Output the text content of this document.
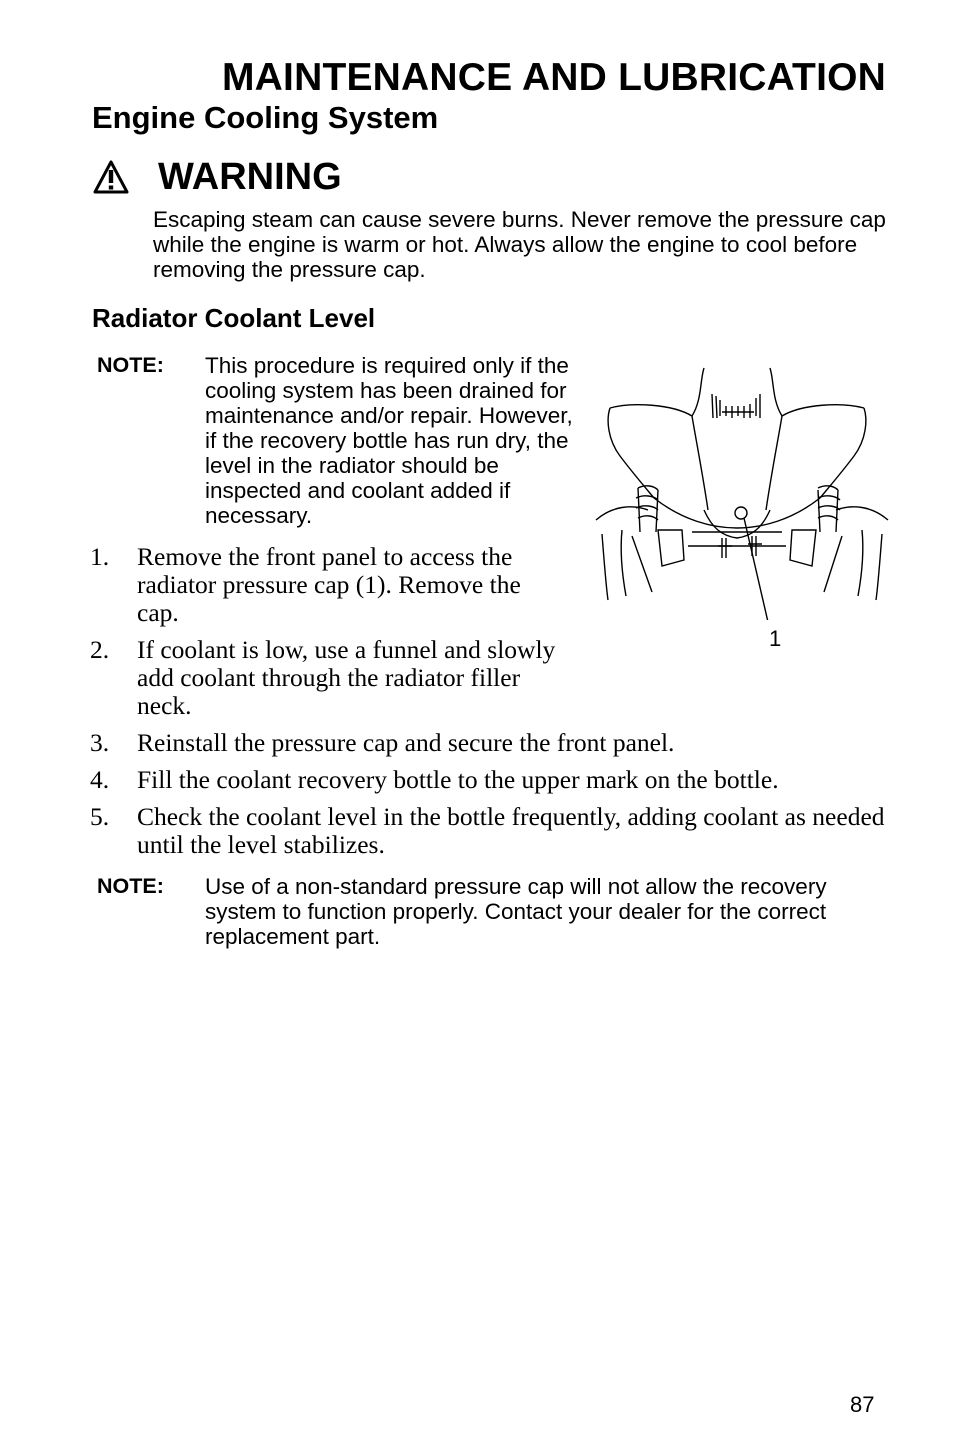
MAINTENANCE AND LUBRICATION
Engine Cooling System
WARNING
Escaping steam can cause severe burns. Never remove the pressure cap while the engine is warm or hot. Always allow the engine to cool before removing the pressure cap.
Radiator Coolant Level
NOTE: This procedure is required only if the cooling system has been drained for maintenance and/or repair. However, if the recovery bottle has run dry, the level in the radiator should be inspected and coolant added if necessary.
1. Remove the front panel to access the radiator pressure cap (1). Remove the cap.
2. If coolant is low, use a funnel and slowly add coolant through the radiator filler neck.
3. Reinstall the pressure cap and secure the front panel.
4. Fill the coolant recovery bottle to the upper mark on the bottle.
5. Check the coolant level in the bottle frequently, adding coolant as needed until the level stabilizes.
1
NOTE: Use of a non-standard pressure cap will not allow the recovery system to function properly. Contact your dealer for the correct replacement part.
87
